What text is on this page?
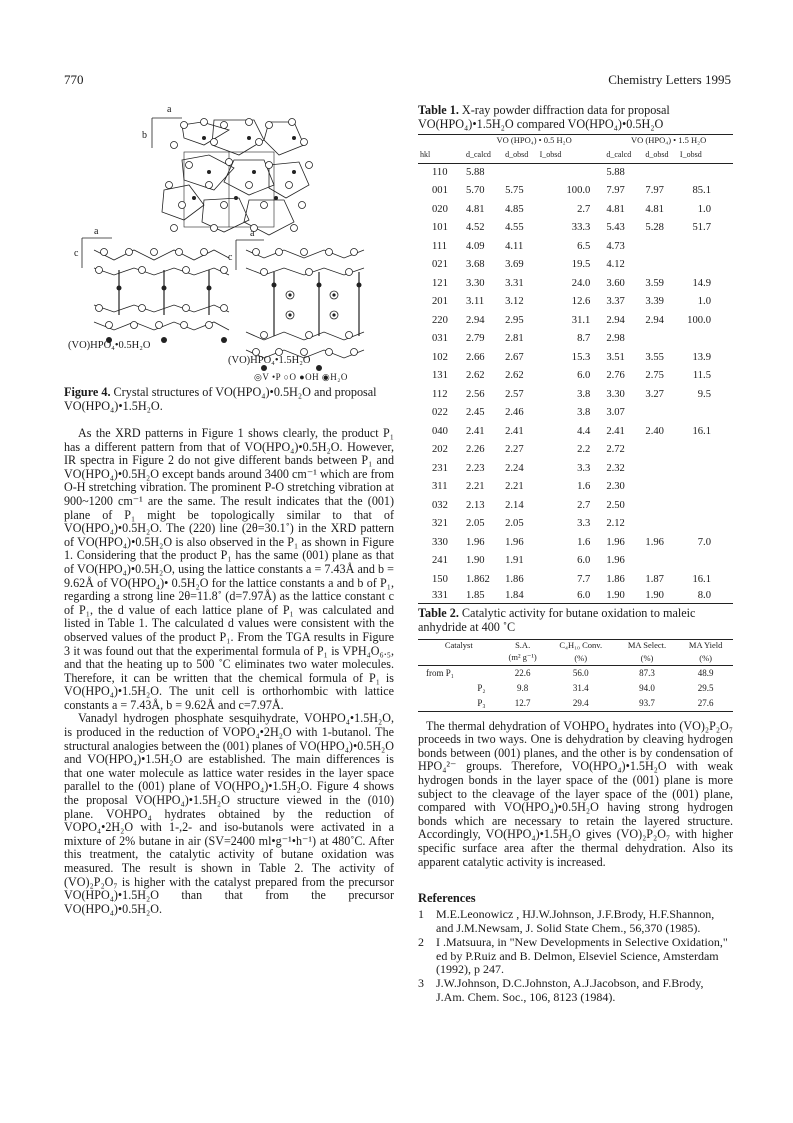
770	Chemistry Letters 1995
a
b
a
c
a
c
(VO)HPO₄•0.5H₂O
(VO)HPO₄•1.5H₂O
◎V •P ○O ●OH ◉H₂O
Figure 4. Crystal structures of VO(HPO₄)•0.5H₂O and proposal VO(HPO₄)•1.5H₂O.

As the XRD patterns in Figure 1 shows clearly, the product P₁ has a different pattern from that of VO(HPO₄)•0.5H₂O. However, IR spectra in Figure 2 do not give different bands between P₁ and VO(HPO₄)•0.5H₂O except bands around 3400 cm⁻¹ which are from O-H stretching vibration. The prominent P-O stretching vibration at 900~1200 cm⁻¹ are the same. The result indicates that the (001) plane of P₁ might be topologically similar to that of VO(HPO₄)•0.5H₂O. The (220) line (2θ=30.1˚) in the XRD pattern of VO(HPO₄)•0.5H₂O is also observed in the P₁ as shown in Figure 1. Considering that the product P₁ has the same (001) plane as that of VO(HPO₄)•0.5H₂O, using the lattice constants a = 7.43Å and b = 9.62Å of VO(HPO₄)• 0.5H₂O for the lattice constants a and b of P₁, regarding a strong line 2θ=11.8˚ (d=7.97Å) as the lattice constant c of P₁, the d value of each lattice plane of P₁ was calculated and listed in Table 1. The calculated d values were consistent with the observed values of the product P₁. From the TGA results in Figure 3 it was found out that the experimental formula of P₁ is VPH₄O₆.₅, and that the heating up to 500 ˚C eliminates two water molecules. Therefore, it can be written that the chemical formula of P₁ is VO(HPO₄)•1.5H₂O. The unit cell is orthorhombic with lattice constants a = 7.43Å, b = 9.62Å and c=7.97Å.

Vanadyl hydrogen phosphate sesquihydrate, VOHPO₄•1.5H₂O, is produced in the reduction of VOPO₄•2H₂O with 1-butanol. The structural analogies between the (001) planes of VO(HPO₄)•0.5H₂O and VO(HPO₄)•1.5H₂O are established. The main differences is that one water molecule as lattice water resides in the layer space parallel to the (001) plane of VO(HPO₄)•1.5H₂O. Figure 4 shows the proposal VO(HPO₄)•1.5H₂O structure viewed in the (010) plane. VOHPO₄ hydrates obtained by the reduction of VOPO₄•2H₂O with 1-,2- and iso-butanols were activated in a mixture of 2% butane in air (SV=2400 ml•g⁻¹•h⁻¹) at 480˚C. After this treatment, the catalytic activity of butane oxidation was measured. The result is shown in Table 2. The activity of (VO)₂P₂O₇ is higher with the catalyst prepared from the precursor VO(HPO₄)•1.5H₂O than that from the precursor VO(HPO₄)•0.5H₂O.

Table 1. X-ray powder diffraction data for proposal VO(HPO₄)•1.5H₂O compared VO(HPO₄)•0.5H₂O
	VO (HPO₄) • 0.5 H₂O			VO (HPO₄) • 1.5 H₂O		
hkl	d_calcd	d_obsd	I_obsd	d_calcd	d_obsd	I_obsd
110	5.88			5.88		
001	5.70	5.75	100.0	7.97	7.97	85.1
020	4.81	4.85	2.7	4.81	4.81	1.0
101	4.52	4.55	33.3	5.43	5.28	51.7
111	4.09	4.11	6.5	4.73		
021	3.68	3.69	19.5	4.12		
121	3.30	3.31	24.0	3.60	3.59	14.9
201	3.11	3.12	12.6	3.37	3.39	1.0
220	2.94	2.95	31.1	2.94	2.94	100.0
031	2.79	2.81	8.7	2.98		
102	2.66	2.67	15.3	3.51	3.55	13.9
131	2.62	2.62	6.0	2.76	2.75	11.5
112	2.56	2.57	3.8	3.30	3.27	9.5
022	2.45	2.46	3.8	3.07		
040	2.41	2.41	4.4	2.41	2.40	16.1
202	2.26	2.27	2.2	2.72		
231	2.23	2.24	3.3	2.32		
311	2.21	2.21	1.6	2.30		
032	2.13	2.14	2.7	2.50		
321	2.05	2.05	3.3	2.12		
330	1.96	1.96	1.6	1.96	1.96	7.0
241	1.90	1.91	6.0	1.96		
150	1.862	1.86	7.7	1.86	1.87	16.1
331	1.85	1.84	6.0	1.90	1.90	8.0
Table 2. Catalytic activity for butane oxidation to maleic anhydride at 400 ˚C
Catalyst	S.A.	C₄H₁₀ Conv.	MA Select.	MA Yield
	(m² g⁻¹)	(%)	(%)	(%)
from P₁	22.6	56.0	87.3	48.9
P₂	9.8	31.4	94.0	29.5
P₃	12.7	29.4	93.7	27.6

The thermal dehydration of VOHPO₄ hydrates into (VO)₂P₂O₇ proceeds in two ways. One is dehydration by cleaving hydrogen bonds between (001) planes, and the other is by condensation of HPO₄²⁻ groups. Therefore, VO(HPO₄)•1.5H₂O with weak hydrogen bonds in the layer space of the (001) plane is more subject to the cleavage of the layer space of the (001) plane, compared with VO(HPO₄)•0.5H₂O having strong hydrogen bonds which are necessary to retain the layered structure. Accordingly, VO(HPO₄)•1.5H₂O gives (VO)₂P₂O₇ with higher specific surface area after the thermal dehydration. Also its apparent catalytic activity is increased.

References
1	M.E.Leonowicz , HJ.W.Johnson, J.F.Brody, H.F.Shannon, and J.M.Newsam, J. Solid State Chem., 56,370 (1985).
2	I .Matsuura, in "New Developments in Selective Oxidation," ed by P.Ruiz and B. Delmon, Elseviel Science, Amsterdam (1992), p 247.
3	J.W.Johnson, D.C.Johnston, A.J.Jacobson, and F.Brody, J.Am. Chem. Soc., 106, 8123 (1984).
